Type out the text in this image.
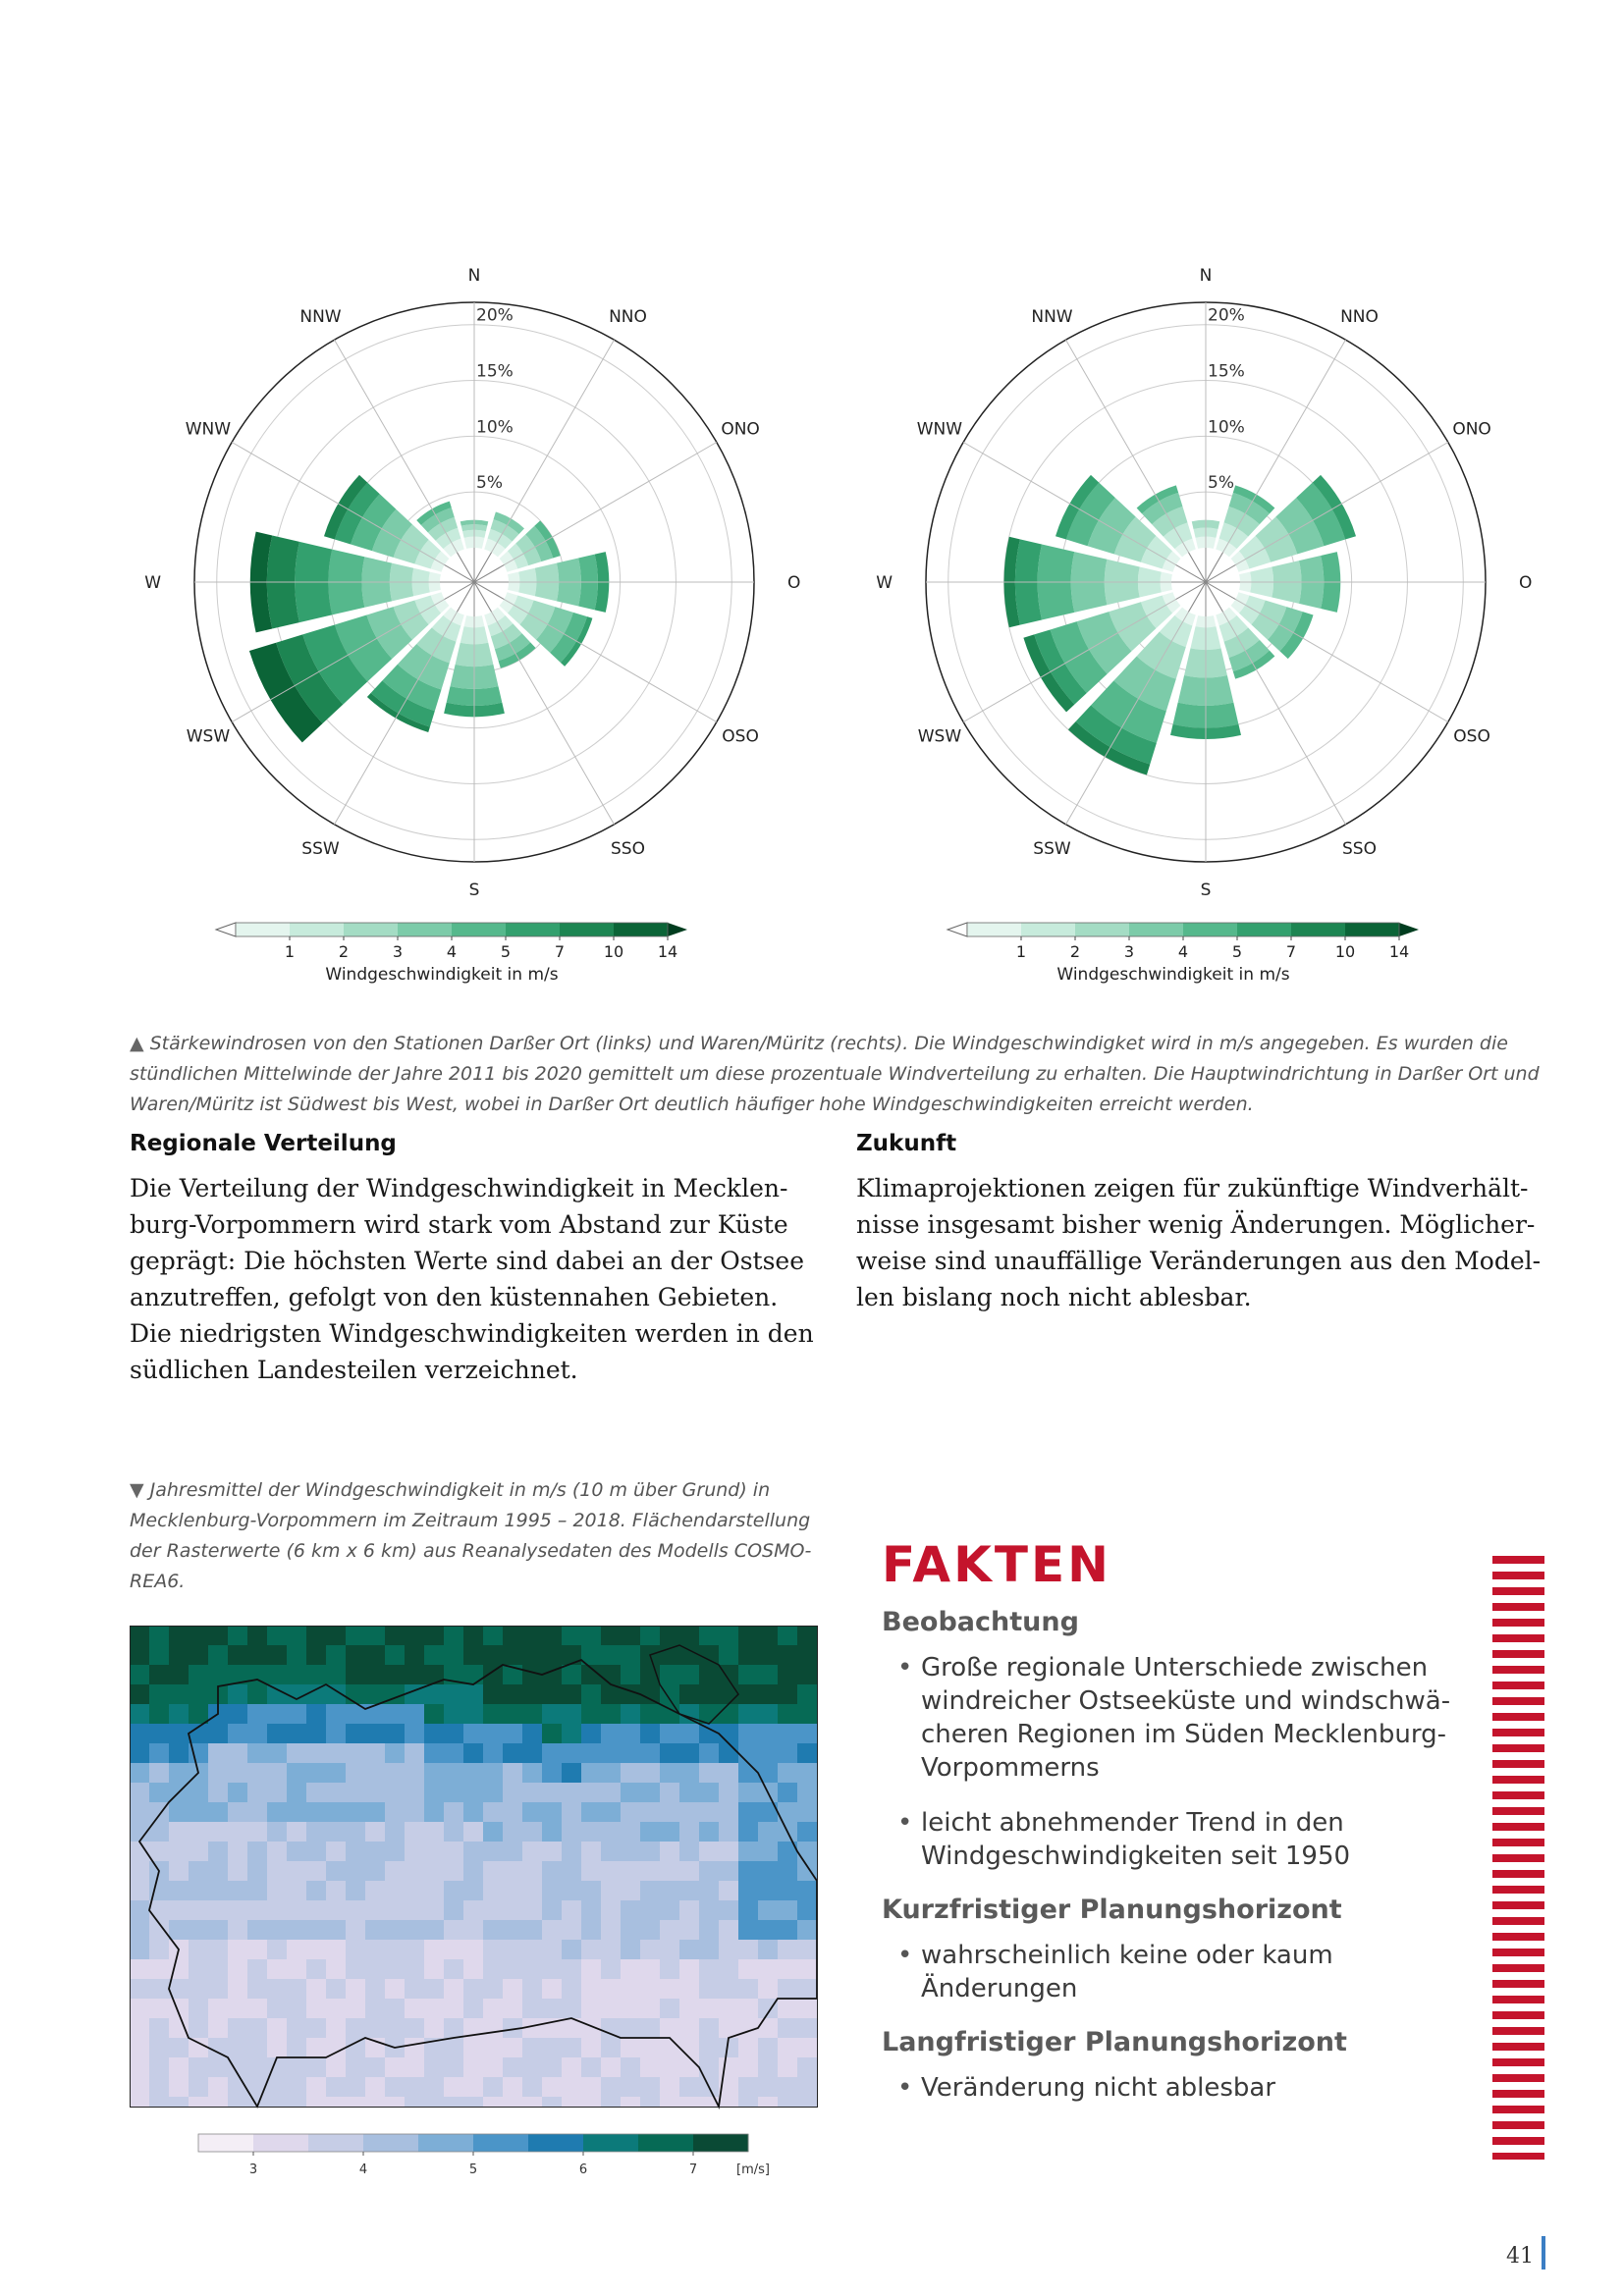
5%
10%
15%
20%
N
NNO
ONO
O
OSO
SSO
S
SSW
WSW
W
WNW
NNW
1	2	3	4	5	7 10 14
Windgeschwindigkeit in m/s
5%
10%
15%
20%
N
NNO
ONO
O
OSO
SSO
S
SSW
WSW
W
WNW
NNW
1	2	3	4	5	7 10 14
Windgeschwindigkeit in m/s
▲ Stärkewindrosen von den Stationen Darßer Ort (links) und Waren/Müritz (rechts). Die Windgeschwindigket wird in m/s angegeben. Es wurden die stündlichen Mittelwinde der Jahre 2011 bis 2020 gemittelt um diese prozentuale Windverteilung zu erhalten. Die Hauptwindrichtung in Darßer Ort und Waren/Müritz ist Südwest bis West, wobei in Darßer Ort deutlich häufiger hohe Windgeschwindigkeiten erreicht werden.
Regionale Verteilung
Die Verteilung der Windgeschwindigkeit in Mecklenburg-Vorpommern wird stark vom Abstand zur Küste geprägt: Die höchsten Werte sind dabei an der Ostsee anzutreffen, gefolgt von den küstennahen Gebieten. Die niedrigsten Windgeschwindigkeiten werden in den südlichen Landesteilen verzeichnet.
Zukunft
Klimaprojektionen zeigen für zukünftige Windverhältnisse insgesamt bisher wenig Änderungen. Möglicherweise sind unauffällige Veränderungen aus den Modellen bislang noch nicht ablesbar.
▼ Jahresmittel der Windgeschwindigkeit in m/s (10 m über Grund) in Mecklenburg-Vorpommern im Zeitraum 1995 – 2018. Flächendarstellung der Rasterwerte (6 km x 6 km) aus Reanalysedaten des Modells COSMO-REA6.
3	4	5	6	7	[m/s]
FAKTEN
Beobachtung
• Große regionale Unterschiede zwischen windreicher Ostseeküste und windschwächeren Regionen im Süden Mecklenburg-Vorpommerns
• leicht abnehmender Trend in den Windgeschwindigkeiten seit 1950
Kurzfristiger Planungshorizont
• wahrscheinlich keine oder kaum Änderungen
Langfristiger Planungshorizont
• Veränderung nicht ablesbar
41
